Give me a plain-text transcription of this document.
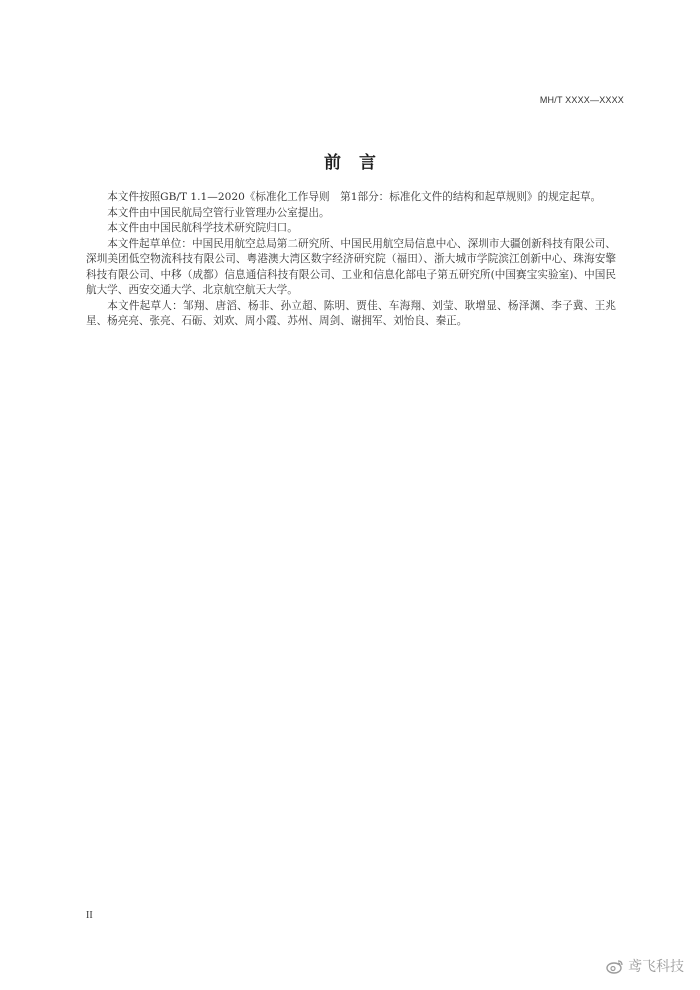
MH/T XXXX—XXXX
前言

本文件按照GB/T 1.1—2020《标准化工作导则　第1部分：标准化文件的结构和起草规则》的规定起草。

本文件由中国民航局空管行业管理办公室提出。

本文件由中国民航科学技术研究院归口。

本文件起草单位：中国民用航空总局第二研究所、中国民用航空局信息中心、深圳市大疆创新科技有限公司、深圳美团低空物流科技有限公司、粤港澳大湾区数字经济研究院（福田）、浙大城市学院滨江创新中心、珠海安擎科技有限公司、中移（成都）信息通信科技有限公司、工业和信息化部电子第五研究所(中国赛宝实验室)、中国民航大学、西安交通大学、北京航空航天大学。

本文件起草人：邹翔、唐滔、杨非、孙立超、陈明、贾佳、车海翔、刘莹、耿增显、杨泽渊、李子冀、王兆星、杨亮亮、张亮、石砺、刘欢、周小霞、苏州、周剑、谢拥军、刘怡良、秦正。

II
鸢飞科技
